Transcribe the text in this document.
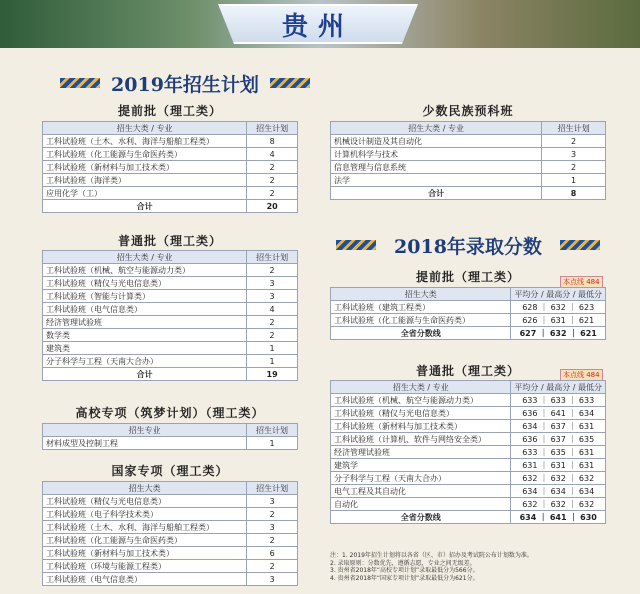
贵州
2019年招生计划
提前批（理工类）
招生大类 / 专业	招生计划
工科试验班（土木、水利、海洋与船舶工程类）	8
工科试验班（化工能源与生命医药类）	4
工科试验班（新材料与加工技术类）	2
工科试验班（海洋类）	2
应用化学（工）	2
合计	20
普通批（理工类）
招生大类 / 专业	招生计划
工科试验班（机械、航空与能源动力类）	2
工科试验班（精仪与光电信息类）	3
工科试验班（智能与计算类）	3
工科试验班（电气信息类）	4
经济管理试验班	2
数学类	2
建筑类	1
分子科学与工程（天南大合办）	1
合计	19
高校专项（筑梦计划）（理工类）
招生专业	招生计划
材料成型及控制工程	1
国家专项（理工类）
招生大类	招生计划
工科试验班（精仪与光电信息类）	3
工科试验班（电子科学技术类）	2
工科试验班（土木、水利、海洋与船舶工程类）	3
工科试验班（化工能源与生命医药类）	2
工科试验班（新材料与加工技术类）	6
工科试验班（环境与能源工程类）	2
工科试验班（电气信息类）	3
少数民族预科班
招生大类 / 专业	招生计划
机械设计制造及其自动化	2
计算机科学与技术	3
信息管理与信息系统	2
法学	1
合计	8
2018年录取分数
提前批（理工类）	本点线 484
招生大类	平均分 / 最高分 / 最低分
工科试验班（建筑工程类）	628 ｜ 632 ｜ 623
工科试验班（化工能源与生命医药类）	626 ｜ 631 ｜ 621
全省分数线	627 ｜ 632 ｜ 621
普通批（理工类）	本点线 484
招生大类 / 专业	平均分 / 最高分 / 最低分
工科试验班（机械、航空与能源动力类）	633 ｜ 633 ｜ 633
工科试验班（精仪与光电信息类）	636 ｜ 641 ｜ 634
工科试验班（新材料与加工技术类）	634 ｜ 637 ｜ 631
工科试验班（计算机、软件与网络安全类）	636 ｜ 637 ｜ 635
经济管理试验班	633 ｜ 635 ｜ 631
建筑学	631 ｜ 631 ｜ 631
分子科学与工程（天南大合办）	632 ｜ 632 ｜ 632
电气工程及其自动化	634 ｜ 634 ｜ 634
自动化	632 ｜ 632 ｜ 632
全省分数线	634 ｜ 641 ｜ 630
注：1. 2019年招生计划将以各省（区、市）招办及考试院公布计划数为准。
2. 录取原则：分数优先，遵循志愿，专业之间无级差。
3. 贵州省2018年“高校专项计划”录取最低分为566分。
4. 贵州省2018年“国家专项计划”录取最低分为621分。
